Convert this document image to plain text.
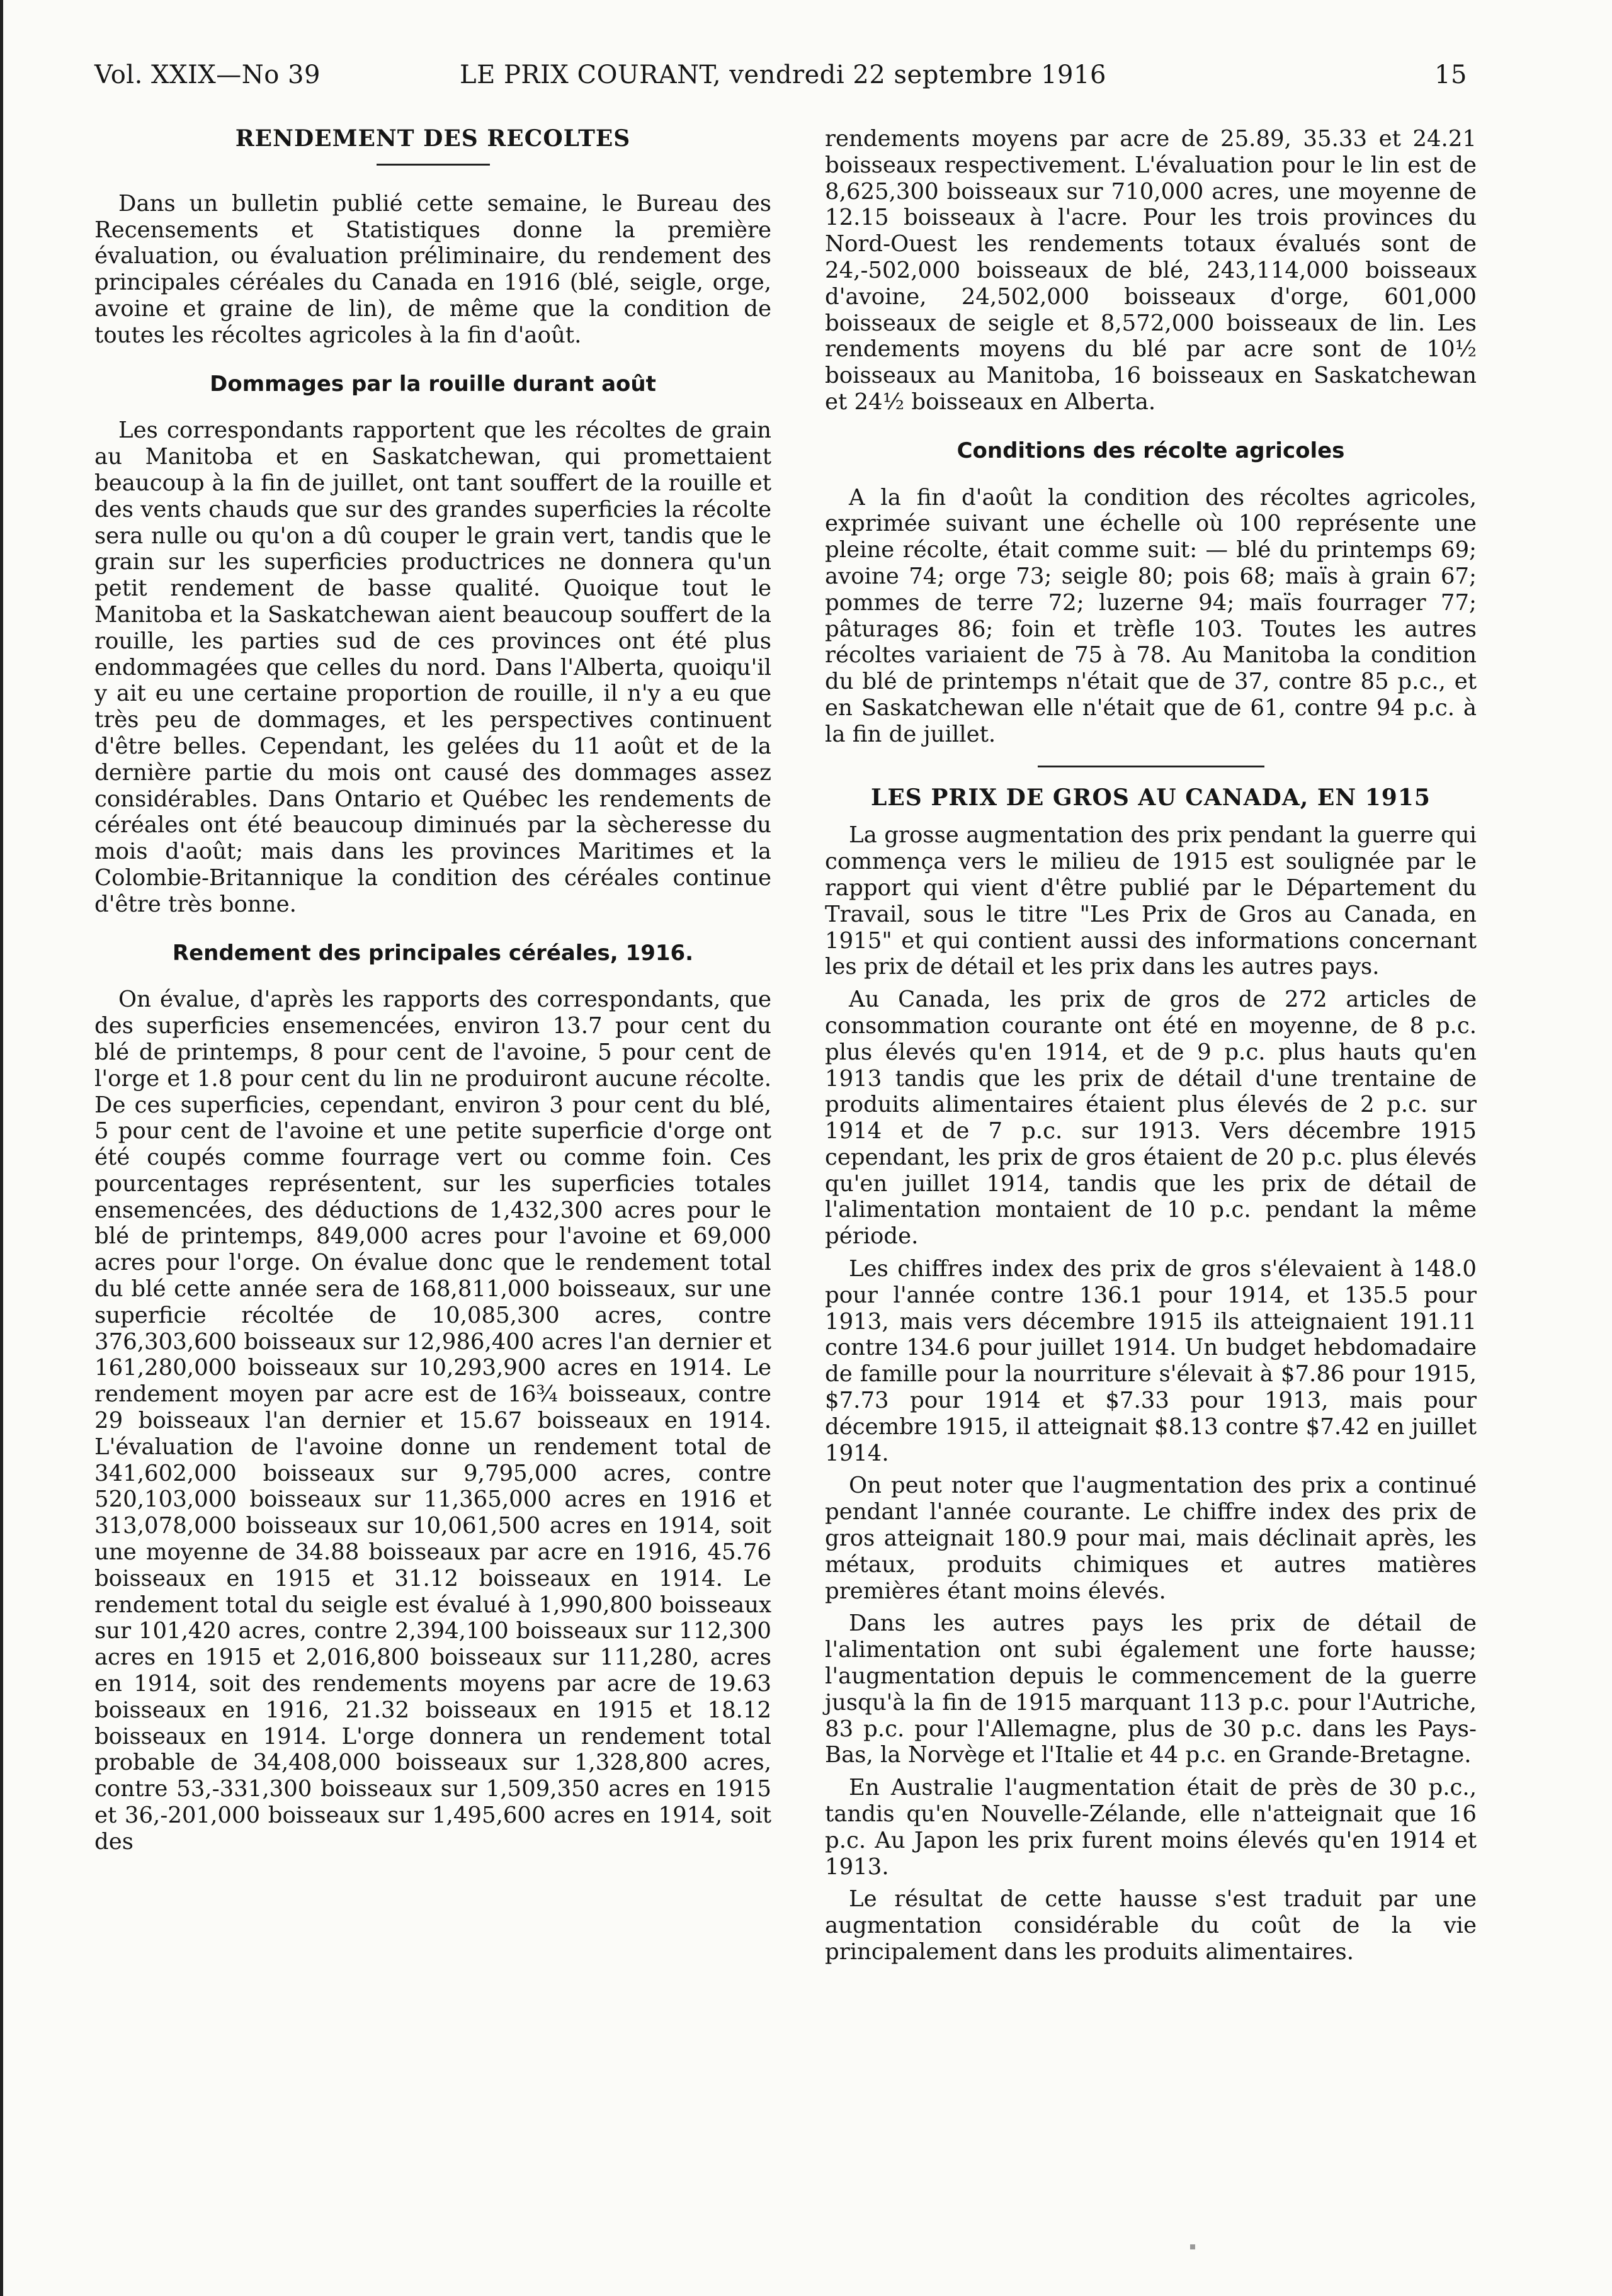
Vol. XXIX—No 39	LE PRIX COURANT, vendredi 22 septembre 1916	15
RENDEMENT DES RECOLTES

Dans un bulletin publié cette semaine, le Bureau des Recensements et Statistiques donne la première évaluation, ou évaluation préliminaire, du rendement des principales céréales du Canada en 1916 (blé, seigle, orge, avoine et graine de lin), de même que la condition de toutes les récoltes agricoles à la fin d'août.

Dommages par la rouille durant août

Les correspondants rapportent que les récoltes de grain au Manitoba et en Saskatchewan, qui promettaient beaucoup à la fin de juillet, ont tant souffert de la rouille et des vents chauds que sur des grandes superficies la récolte sera nulle ou qu'on a dû couper le grain vert, tandis que le grain sur les superficies productrices ne donnera qu'un petit rendement de basse qualité. Quoique tout le Manitoba et la Saskatchewan aient beaucoup souffert de la rouille, les parties sud de ces provinces ont été plus endommagées que celles du nord. Dans l'Alberta, quoiqu'il y ait eu une certaine proportion de rouille, il n'y a eu que très peu de dommages, et les perspectives continuent d'être belles. Cependant, les gelées du 11 août et de la dernière partie du mois ont causé des dommages assez considérables. Dans Ontario et Québec les rendements de céréales ont été beaucoup diminués par la sècheresse du mois d'août; mais dans les provinces Maritimes et la Colombie-Britannique la condition des céréales continue d'être très bonne.

Rendement des principales céréales, 1916.

On évalue, d'après les rapports des correspondants, que des superficies ensemencées, environ 13.7 pour cent du blé de printemps, 8 pour cent de l'avoine, 5 pour cent de l'orge et 1.8 pour cent du lin ne produiront aucune récolte. De ces superficies, cependant, environ 3 pour cent du blé, 5 pour cent de l'avoine et une petite superficie d'orge ont été coupés comme fourrage vert ou comme foin. Ces pourcentages représentent, sur les superficies totales ensemencées, des déductions de 1,432,300 acres pour le blé de printemps, 849,000 acres pour l'avoine et 69,000 acres pour l'orge. On évalue donc que le rendement total du blé cette année sera de 168,811,000 boisseaux, sur une superficie récoltée de 10,085,300 acres, contre 376,303,600 boisseaux sur 12,986,400 acres l'an dernier et 161,280,000 boisseaux sur 10,293,900 acres en 1914. Le rendement moyen par acre est de 16¾ boisseaux, contre 29 boisseaux l'an dernier et 15.67 boisseaux en 1914. L'évaluation de l'avoine donne un rendement total de 341,602,000 boisseaux sur 9,795,000 acres, contre 520,103,000 boisseaux sur 11,365,000 acres en 1916 et 313,078,000 boisseaux sur 10,061,500 acres en 1914, soit une moyenne de 34.88 boisseaux par acre en 1916, 45.76 boisseaux en 1915 et 31.12 boisseaux en 1914. Le rendement total du seigle est évalué à 1,990,800 boisseaux sur 101,420 acres, contre 2,394,100 boisseaux sur 112,300 acres en 1915 et 2,016,800 boisseaux sur 111,280, acres en 1914, soit des rendements moyens par acre de 19.63 boisseaux en 1916, 21.32 boisseaux en 1915 et 18.12 boisseaux en 1914. L'orge donnera un rendement total probable de 34,408,000 boisseaux sur 1,328,800 acres, contre 53,-331,300 boisseaux sur 1,509,350 acres en 1915 et 36,-201,000 boisseaux sur 1,495,600 acres en 1914, soit des

rendements moyens par acre de 25.89, 35.33 et 24.21 boisseaux respectivement. L'évaluation pour le lin est de 8,625,300 boisseaux sur 710,000 acres, une moyenne de 12.15 boisseaux à l'acre. Pour les trois provinces du Nord-Ouest les rendements totaux évalués sont de 24,-502,000 boisseaux de blé, 243,114,000 boisseaux d'avoine, 24,502,000 boisseaux d'orge, 601,000 boisseaux de seigle et 8,572,000 boisseaux de lin. Les rendements moyens du blé par acre sont de 10½ boisseaux au Manitoba, 16 boisseaux en Saskatchewan et 24½ boisseaux en Alberta.

Conditions des récolte agricoles

A la fin d'août la condition des récoltes agricoles, exprimée suivant une échelle où 100 représente une pleine récolte, était comme suit: — blé du printemps 69; avoine 74; orge 73; seigle 80; pois 68; maïs à grain 67; pommes de terre 72; luzerne 94; maïs fourrager 77; pâturages 86; foin et trèfle 103. Toutes les autres récoltes variaient de 75 à 78. Au Manitoba la condition du blé de printemps n'était que de 37, contre 85 p.c., et en Saskatchewan elle n'était que de 61, contre 94 p.c. à la fin de juillet.

LES PRIX DE GROS AU CANADA, EN 1915

La grosse augmentation des prix pendant la guerre qui commença vers le milieu de 1915 est soulignée par le rapport qui vient d'être publié par le Département du Travail, sous le titre "Les Prix de Gros au Canada, en 1915" et qui contient aussi des informations concernant les prix de détail et les prix dans les autres pays.

Au Canada, les prix de gros de 272 articles de consommation courante ont été en moyenne, de 8 p.c. plus élevés qu'en 1914, et de 9 p.c. plus hauts qu'en 1913 tandis que les prix de détail d'une trentaine de produits alimentaires étaient plus élevés de 2 p.c. sur 1914 et de 7 p.c. sur 1913. Vers décembre 1915 cependant, les prix de gros étaient de 20 p.c. plus élevés qu'en juillet 1914, tandis que les prix de détail de l'alimentation montaient de 10 p.c. pendant la même période.

Les chiffres index des prix de gros s'élevaient à 148.0 pour l'année contre 136.1 pour 1914, et 135.5 pour 1913, mais vers décembre 1915 ils atteignaient 191.11 contre 134.6 pour juillet 1914. Un budget hebdomadaire de famille pour la nourriture s'élevait à $7.86 pour 1915, $7.73 pour 1914 et $7.33 pour 1913, mais pour décembre 1915, il atteignait $8.13 contre $7.42 en juillet 1914.

On peut noter que l'augmentation des prix a continué pendant l'année courante. Le chiffre index des prix de gros atteignait 180.9 pour mai, mais déclinait après, les métaux, produits chimiques et autres matières premières étant moins élevés.

Dans les autres pays les prix de détail de l'alimentation ont subi également une forte hausse; l'augmentation depuis le commencement de la guerre jusqu'à la fin de 1915 marquant 113 p.c. pour l'Autriche, 83 p.c. pour l'Allemagne, plus de 30 p.c. dans les Pays-Bas, la Norvège et l'Italie et 44 p.c. en Grande-Bretagne.

En Australie l'augmentation était de près de 30 p.c., tandis qu'en Nouvelle-Zélande, elle n'atteignait que 16 p.c. Au Japon les prix furent moins élevés qu'en 1914 et 1913.

Le résultat de cette hausse s'est traduit par une augmentation considérable du coût de la vie principalement dans les produits alimentaires.
